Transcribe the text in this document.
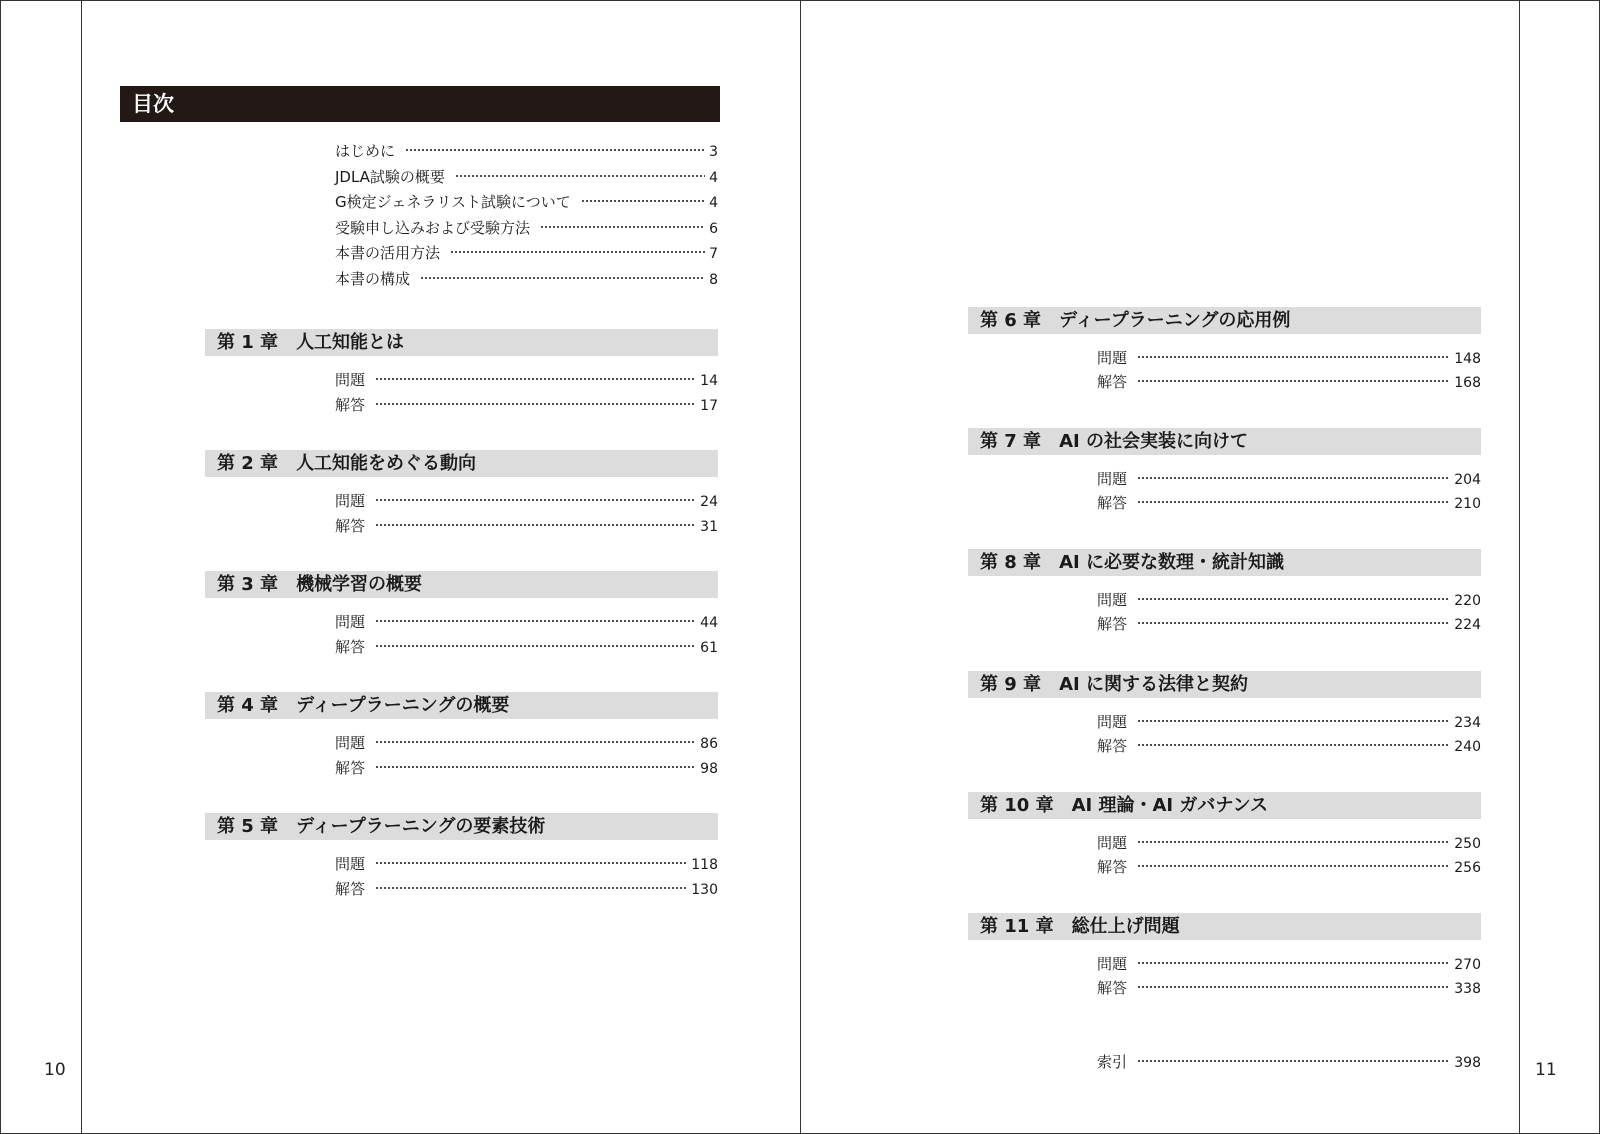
10	11
目次
はじめに	3
JDLA試験の概要	4
G検定ジェネラリスト試験について	4
受験申し込みおよび受験方法	6
本書の活用方法	7
本書の構成	8
第 1 章 人工知能とは
問題	14
解答	17
第 2 章 人工知能をめぐる動向
問題	24
解答	31
第 3 章 機械学習の概要
問題	44
解答	61
第 4 章 ディープラーニングの概要
問題	86
解答	98
第 5 章 ディープラーニングの要素技術
問題	118
解答	130
第 6 章 ディープラーニングの応用例
問題	148
解答	168
第 7 章 AI の社会実装に向けて
問題	204
解答	210
第 8 章 AI に必要な数理・統計知識
問題	220
解答	224
第 9 章 AI に関する法律と契約
問題	234
解答	240
第 10 章 AI 理論・AI ガバナンス
問題	250
解答	256
第 11 章 総仕上げ問題
問題	270
解答	338
索引	398
